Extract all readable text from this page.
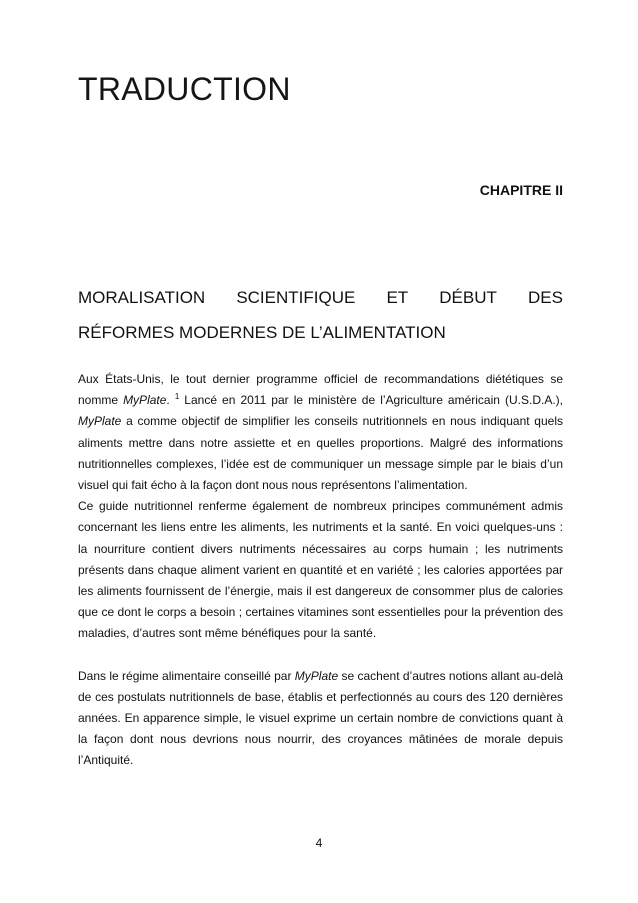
TRADUCTION
CHAPITRE II
MORALISATION SCIENTIFIQUE ET DÉBUT DES
RÉFORMES MODERNES DE L’ALIMENTATION

Aux États-Unis, le tout dernier programme officiel de recommandations diététiques se nomme MyPlate. $^1$ Lancé en 2011 par le ministère de l’Agriculture américain (U.S.D.A.), MyPlate a comme objectif de simplifier les conseils nutritionnels en nous indiquant quels aliments mettre dans notre assiette et en quelles proportions. Malgré des informations nutritionnelles complexes, l’idée est de communiquer un message simple par le biais d’un visuel qui fait écho à la façon dont nous nous représentons l’alimentation.

Ce guide nutritionnel renferme également de nombreux principes communément admis concernant les liens entre les aliments, les nutriments et la santé. En voici quelques-uns : la nourriture contient divers nutriments nécessaires au corps humain ; les nutriments présents dans chaque aliment varient en quantité et en variété ; les calories apportées par les aliments fournissent de l’énergie, mais il est dangereux de consommer plus de calories que ce dont le corps a besoin ; certaines vitamines sont essentielles pour la prévention des maladies, d’autres sont même bénéfiques pour la santé.

Dans le régime alimentaire conseillé par MyPlate se cachent d’autres notions allant au-delà de ces postulats nutritionnels de base, établis et perfectionnés au cours des 120 dernières années. En apparence simple, le visuel exprime un certain nombre de convictions quant à la façon dont nous devrions nous nourrir, des croyances mâtinées de morale depuis l’Antiquité.

4
